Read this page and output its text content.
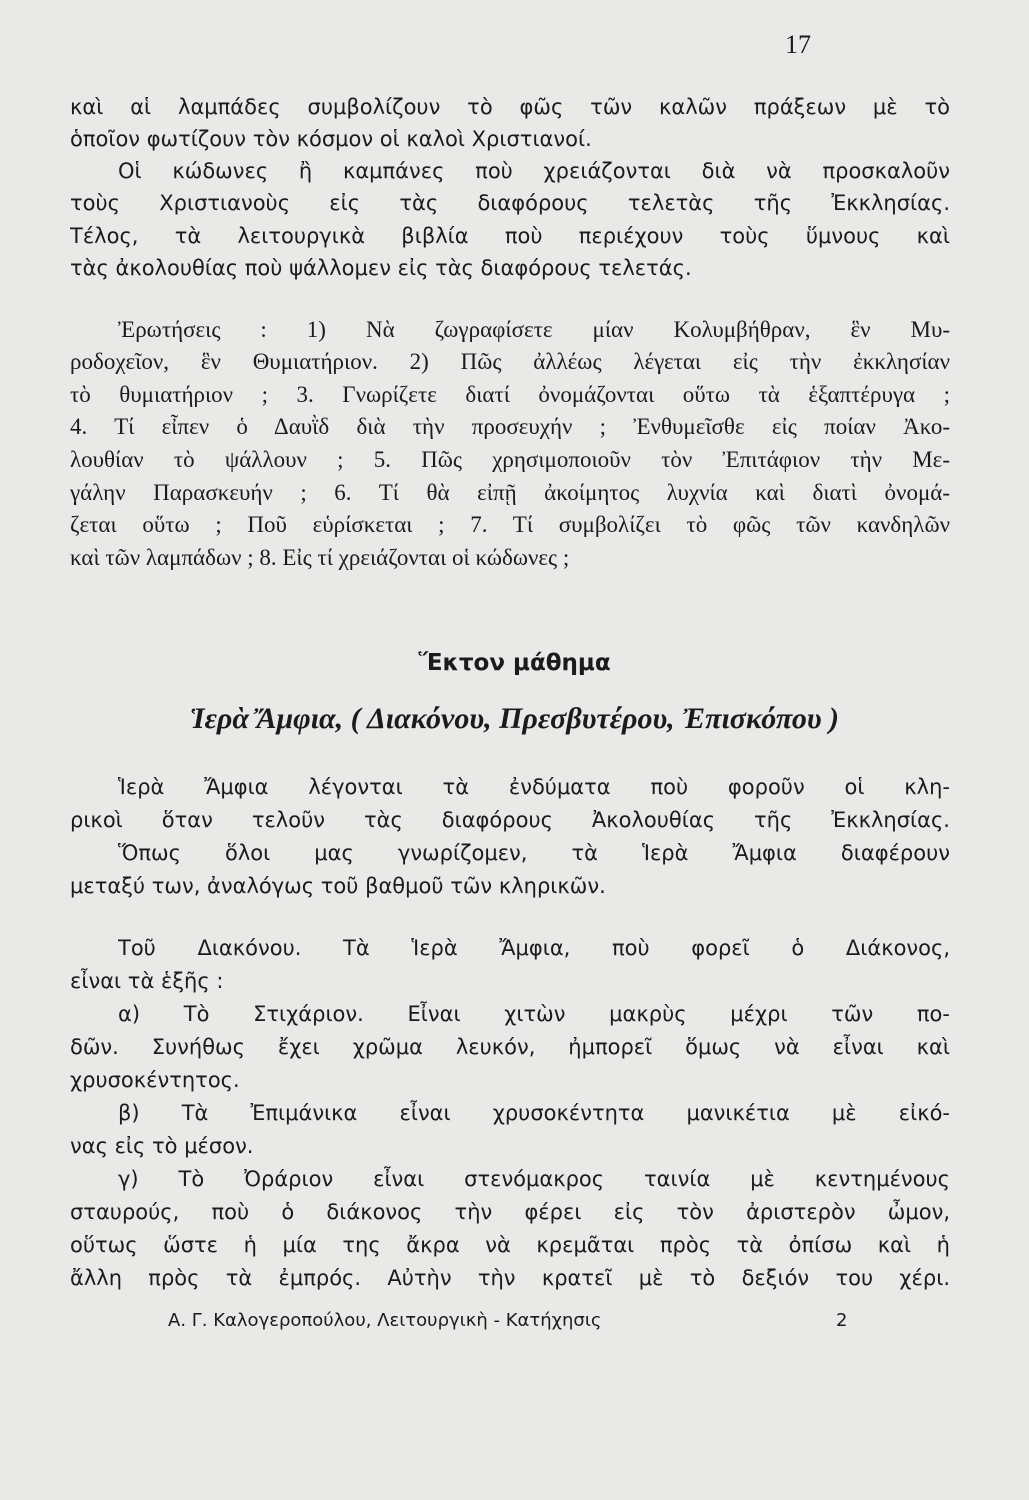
17
καὶ αἱ λαμπάδες συμβολίζουν τὸ φῶς τῶν καλῶν πράξεων μὲ τὸ
ὁποῖον φωτίζουν τὸν κόσμον οἱ καλοὶ Χριστιανοί.
Οἱ κώδωνες ἢ καμπάνες ποὺ χρειάζονται διὰ νὰ προσκαλοῦν
τοὺς Χριστιανοὺς εἰς τὰς διαφόρους τελετὰς τῆς Ἐκκλησίας.
Τέλος, τὰ λειτουργικὰ βιβλία ποὺ περιέχουν τοὺς ὕμνους καὶ
τὰς ἀκολουθίας ποὺ ψάλλομεν εἰς τὰς διαφόρους τελετάς.
Ἐρωτήσεις : 1) Νὰ ζωγραφίσετε μίαν Κολυμβήθραν, ἓν Μυ-
ροδοχεῖον, ἓν Θυμιατήριον. 2) Πῶς ἀλλέως λέγεται εἰς τὴν ἐκκλησίαν
τὸ θυμιατήριον ; 3. Γνωρίζετε διατί ὀνομάζονται οὕτω τὰ ἑξαπτέρυγα ;
4. Τί εἶπεν ὁ Δαυῒδ διὰ τὴν προσευχήν ; Ἐνθυμεῖσθε εἰς ποίαν Ἀκο-
λουθίαν τὸ ψάλλουν ; 5. Πῶς χρησιμοποιοῦν τὸν Ἐπιτάφιον τὴν Με-
γάλην Παρασκευήν ; 6. Τί θὰ εἰπῇ ἀκοίμητος λυχνία καὶ διατὶ ὀνομά-
ζεται οὕτω ; Ποῦ εὑρίσκεται ; 7. Τί συμβολίζει τὸ φῶς τῶν κανδηλῶν
καὶ τῶν λαμπάδων ; 8. Εἰς τί χρειάζονται οἱ κώδωνες ;
Ἕκτον μάθημα
Ἱερὰ Ἄμφια, ( Διακόνου, Πρεσβυτέρου, Ἐπισκόπου )
Ἱερὰ Ἄμφια λέγονται τὰ ἐνδύματα ποὺ φοροῦν οἱ κλη-
ρικοὶ ὅταν τελοῦν τὰς διαφόρους Ἀκολουθίας τῆς Ἐκκλησίας.
Ὅπως ὅλοι μας γνωρίζομεν, τὰ Ἱερὰ Ἄμφια διαφέρουν
μεταξύ των, ἀναλόγως τοῦ βαθμοῦ τῶν κληρικῶν.
Τοῦ Διακόνου. Τὰ Ἱερὰ Ἄμφια, ποὺ φορεῖ ὁ Διάκονος,
εἶναι τὰ ἑξῆς :
α) Τὸ Στιχάριον. Εἶναι χιτὼν μακρὺς μέχρι τῶν πο-
δῶν. Συνήθως ἔχει χρῶμα λευκόν, ἠμπορεῖ ὅμως νὰ εἶναι καὶ
χρυσοκέντητος.
β) Τὰ Ἐπιμάνικα εἶναι χρυσοκέντητα μανικέτια μὲ εἰκό-
νας εἰς τὸ μέσον.
γ) Τὸ Ὀράριον εἶναι στενόμακρος ταινία μὲ κεντημένους
σταυρούς, ποὺ ὁ διάκονος τὴν φέρει εἰς τὸν ἀριστερὸν ὦμον,
οὕτως ὥστε ἡ μία της ἄκρα νὰ κρεμᾶται πρὸς τὰ ὀπίσω καὶ ἡ
ἄλλη πρὸς τὰ ἐμπρός. Αὐτὴν τὴν κρατεῖ μὲ τὸ δεξιόν του χέρι.
Α. Γ. Καλογεροπούλου, Λειτουργικὴ - Κατήχησις	2
